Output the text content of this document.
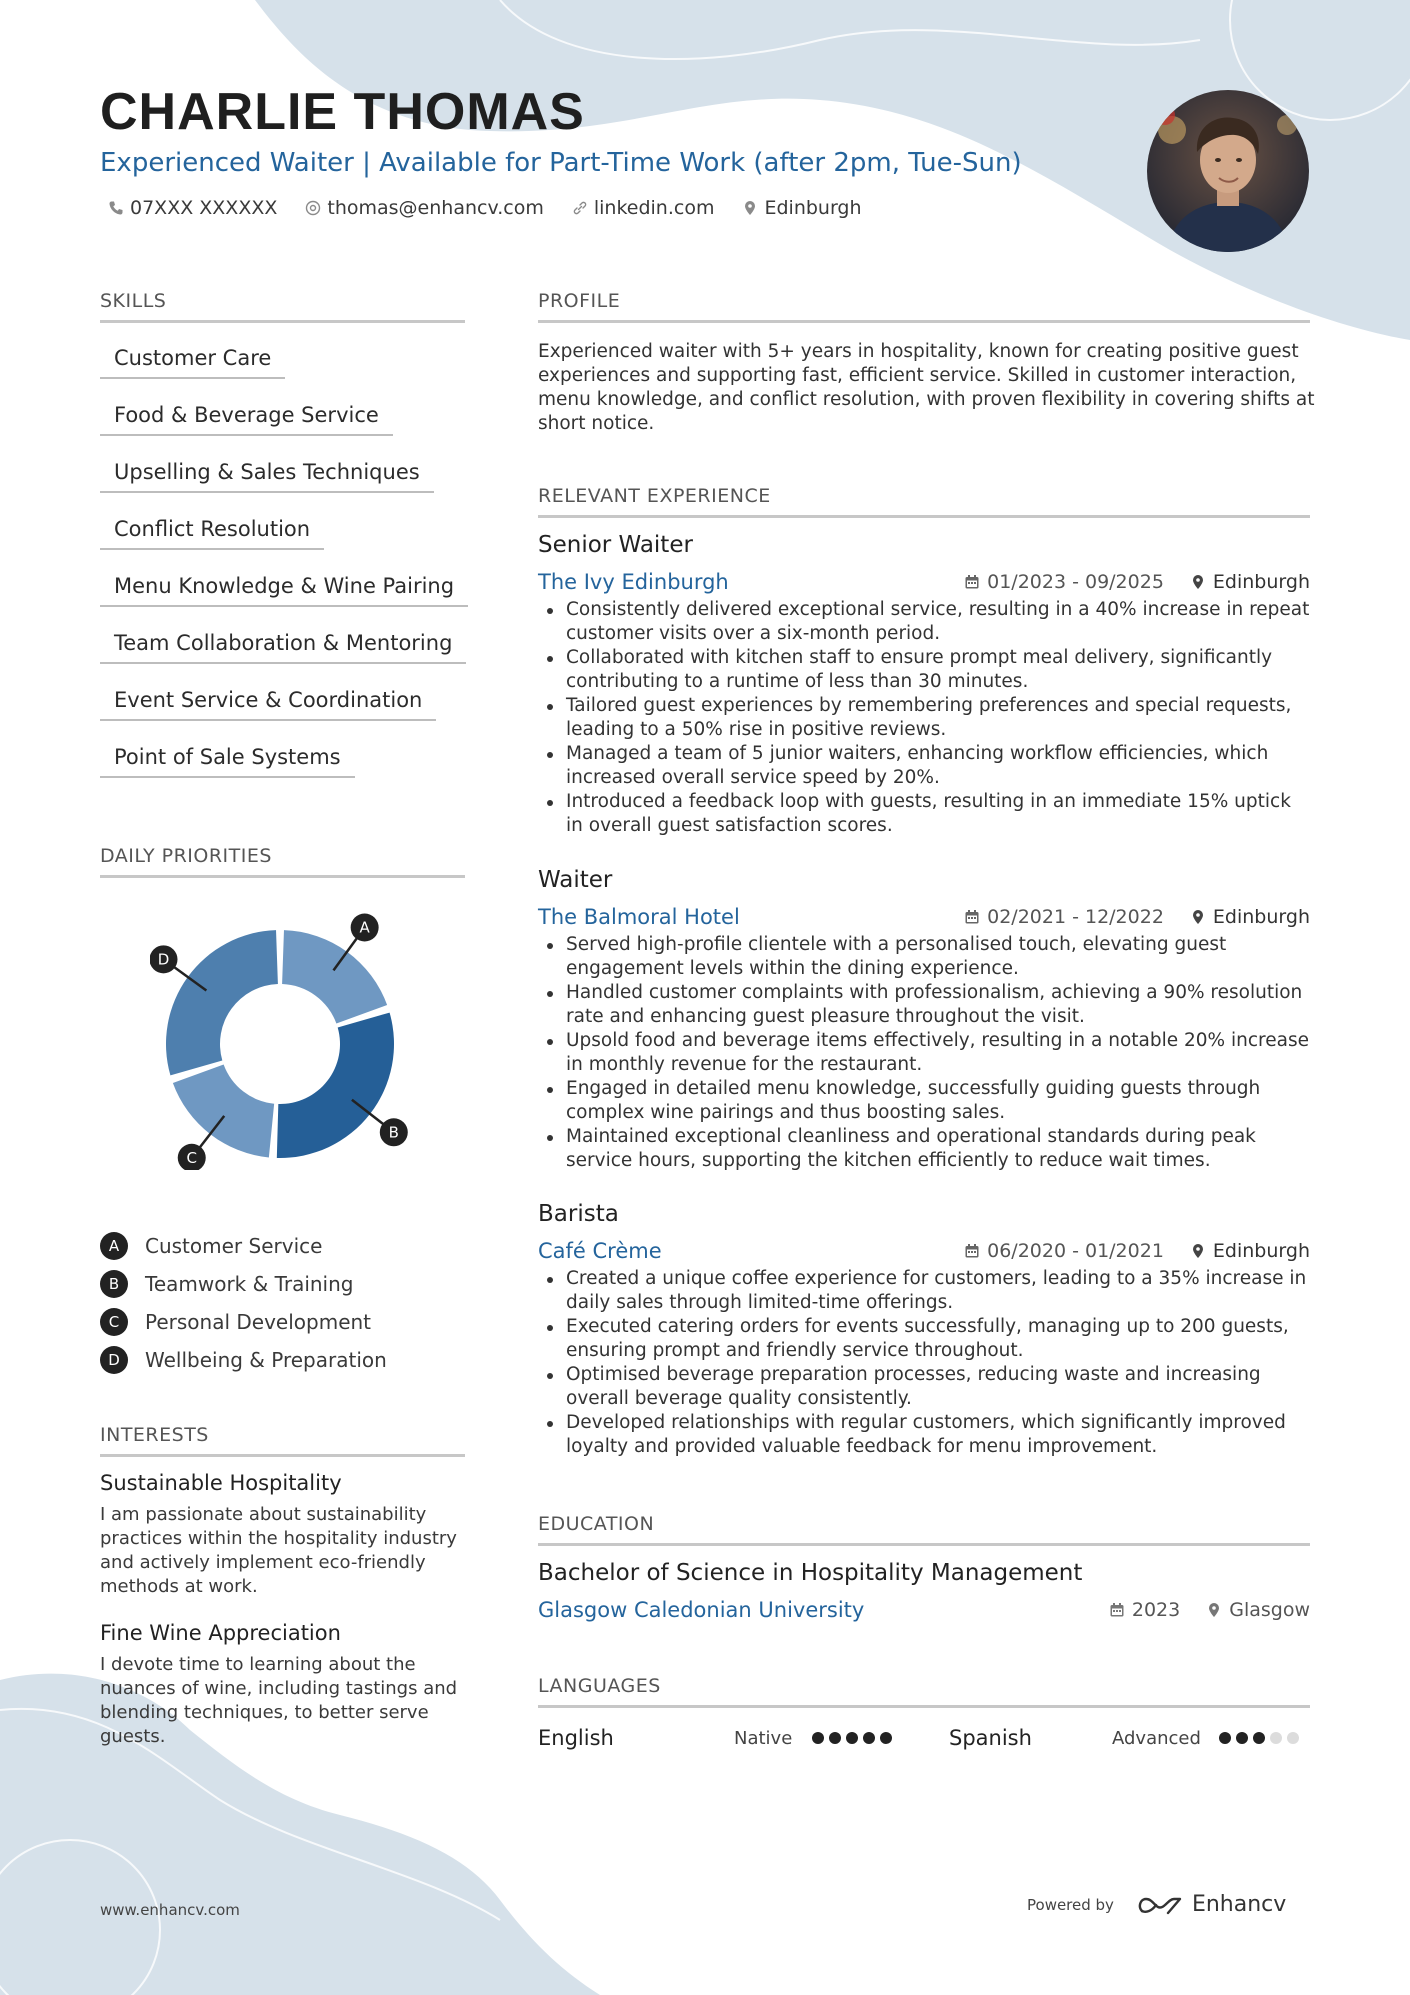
CHARLIE THOMAS
Experienced Waiter | Available for Part-Time Work (after 2pm, Tue-Sun)
07XXX XXXXXX	thomas@enhancv.com	linkedin.com	Edinburgh
SKILLS
Customer Care
Food & Beverage Service
Upselling & Sales Techniques
Conflict Resolution
Menu Knowledge & Wine Pairing
Team Collaboration & Mentoring
Event Service & Coordination
Point of Sale Systems
DAILY PRIORITIES
A
B
C
D
A	Customer Service
B	Teamwork & Training
C	Personal Development
D	Wellbeing & Preparation
INTERESTS
Sustainable Hospitality
I am passionate about sustainability practices within the hospitality industry and actively implement eco-friendly methods at work.
Fine Wine Appreciation
I devote time to learning about the nuances of wine, including tastings and blending techniques, to better serve guests.
PROFILE
Experienced waiter with 5+ years in hospitality, known for creating positive guest experiences and supporting fast, efficient service. Skilled in customer interaction, menu knowledge, and conflict resolution, with proven flexibility in covering shifts at short notice.
RELEVANT EXPERIENCE
Senior Waiter
The Ivy Edinburgh	01/2023 - 09/2025	Edinburgh
Consistently delivered exceptional service, resulting in a 40% increase in repeat customer visits over a six-month period.
Collaborated with kitchen staff to ensure prompt meal delivery, significantly contributing to a runtime of less than 30 minutes.
Tailored guest experiences by remembering preferences and special requests, leading to a 50% rise in positive reviews.
Managed a team of 5 junior waiters, enhancing workflow efficiencies, which increased overall service speed by 20%.
Introduced a feedback loop with guests, resulting in an immediate 15% uptick in overall guest satisfaction scores.
Waiter
The Balmoral Hotel	02/2021 - 12/2022	Edinburgh
Served high-profile clientele with a personalised touch, elevating guest engagement levels within the dining experience.
Handled customer complaints with professionalism, achieving a 90% resolution rate and enhancing guest pleasure throughout the visit.
Upsold food and beverage items effectively, resulting in a notable 20% increase in monthly revenue for the restaurant.
Engaged in detailed menu knowledge, successfully guiding guests through complex wine pairings and thus boosting sales.
Maintained exceptional cleanliness and operational standards during peak service hours, supporting the kitchen efficiently to reduce wait times.
Barista
Café Crème	06/2020 - 01/2021	Edinburgh
Created a unique coffee experience for customers, leading to a 35% increase in daily sales through limited-time offerings.
Executed catering orders for events successfully, managing up to 200 guests, ensuring prompt and friendly service throughout.
Optimised beverage preparation processes, reducing waste and increasing overall beverage quality consistently.
Developed relationships with regular customers, which significantly improved loyalty and provided valuable feedback for menu improvement.
EDUCATION
Bachelor of Science in Hospitality Management
Glasgow Caledonian University	2023	Glasgow
LANGUAGES
English	Native	Spanish	Advanced
www.enhancv.com	Powered by	Enhancv
